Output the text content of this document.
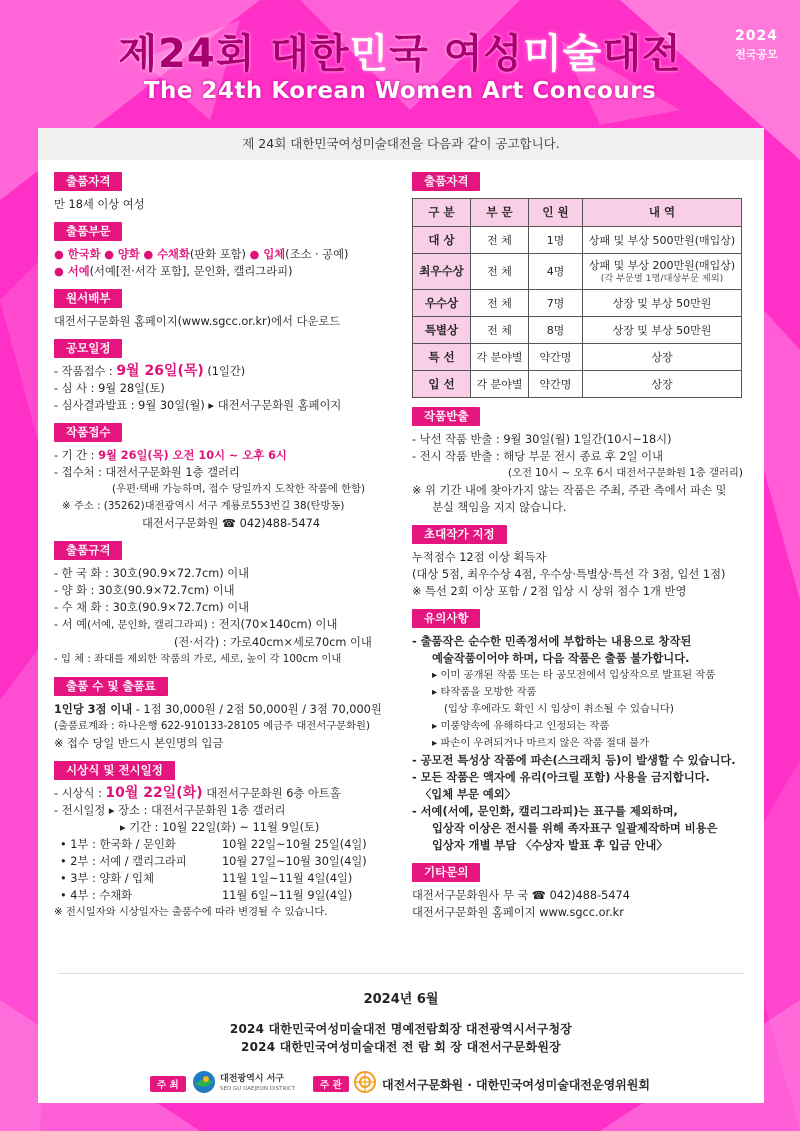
제24회 대한민국 여성미술대전
The 24th Korean Women Art Concours
2024
전국공모
제 24회 대한민국여성미술대전을 다음과 같이 공고합니다.
출품자격
만 18세 이상 여성
출품부문
● 한국화 ● 양화 ● 수채화(판화 포함) ● 입체(조소 · 공예)
● 서예(서예[전·서각 포함], 문인화, 캘리그라피)
원서배부
대전서구문화원 홈페이지(www.sgcc.or.kr)에서 다운로드
공모일정
- 작품접수 : 9월 26일(목) (1일간)
- 심 사 : 9월 28일(토)
- 심사결과발표 : 9월 30일(월) ▸ 대전서구문화원 홈페이지
작품접수
- 기 간 : 9월 26일(목) 오전 10시 ~ 오후 6시
- 접수처 : 대전서구문화원 1층 갤러리
(우편·택배 가능하며, 접수 당일까지 도착한 작품에 한함)
※ 주소 : (35262)대전광역시 서구 계룡로553번길 38(탄방동)
대전서구문화원 ☎ 042)488-5474
출품규격
- 한 국 화 : 30호(90.9×72.7cm) 이내
- 양 화 : 30호(90.9×72.7cm) 이내
- 수 채 화 : 30호(90.9×72.7cm) 이내
- 서 예(서예, 문인화, 캘리그라피) : 전지(70×140cm) 이내
(전·서각) : 가로40cm×세로70cm 이내
- 입 체 : 좌대를 제외한 작품의 가로, 세로, 높이 각 100cm 이내
출품 수 및 출품료
1인당 3점 이내 - 1점 30,000원 / 2점 50,000원 / 3점 70,000원
(출품료계좌 : 하나은행 622-910133-28105 예금주 대전서구문화원)
※ 접수 당일 반드시 본인명의 입금
시상식 및 전시일정
- 시상식 : 10월 22일(화) 대전서구문화원 6층 아트홀
- 전시일정 ▸ 장소 : 대전서구문화원 1층 갤러리
▸ 기간 : 10월 22일(화) ~ 11월 9일(토)
• 1부 : 한국화 / 문인화	10월 22일~10월 25일(4일)
• 2부 : 서예 / 캘리그라피	10월 27일~10월 30일(4일)
• 3부 : 양화 / 입체	11월 1일~11월 4일(4일)
• 4부 : 수채화	11월 6일~11월 9일(4일)
※ 전시일자와 시상일자는 출품수에 따라 변경될 수 있습니다.
출품자격
구 분	부 문	인 원	내 역

대 상	전 체	1명	상패 및 부상 500만원(매입상)

최우수상	전 체	4명	상패 및 부상 200만원(매입상)
(각 부문별 1명/대상부문 제외)

우수상	전 체	7명	상장 및 부상 50만원

특별상	전 체	8명	상장 및 부상 50만원

특 선	각 분야별	약간명	상장

입 선	각 분야별	약간명	상장
작품반출
- 낙선 작품 반출 : 9월 30일(월) 1일간(10시~18시)
- 전시 작품 반출 : 해당 부문 전시 종료 후 2일 이내
(오전 10시 ~ 오후 6시 대전서구문화원 1층 갤러리)
※ 위 기간 내에 찾아가지 않는 작품은 주최, 주관 측에서 파손 및
분실 책임을 지지 않습니다.
초대작가 지정
누적점수 12점 이상 획득자
(대상 5점, 최우수상 4점, 우수상·특별상·특선 각 3점, 입선 1점)
※ 특선 2회 이상 포함 / 2점 입상 시 상위 점수 1개 반영
유의사항
- 출품작은 순수한 민족정서에 부합하는 내용으로 창작된
예술작품이어야 하며, 다음 작품은 출품 불가합니다.
▸ 이미 공개된 작품 또는 타 공모전에서 입상작으로 발표된 작품
▸ 타작품을 모방한 작품
(입상 후에라도 확인 시 입상이 취소될 수 있습니다)
▸ 미풍양속에 유해하다고 인정되는 작품
▸ 파손이 우려되거나 마르지 않은 작품 절대 불가
- 공모전 특성상 작품에 파손(스크래치 등)이 발생할 수 있습니다.
- 모든 작품은 액자에 유리(아크릴 포함) 사용을 금지합니다.
〈입체 부문 예외〉
- 서예(서예, 문인화, 캘리그라피)는 표구를 제외하며,
입상작 이상은 전시를 위해 족자표구 일괄제작하며 비용은
입상자 개별 부담 〈수상자 발표 후 입금 안내〉
기타문의
대전서구문화원사 무 국 ☎ 042)488-5474
대전서구문화원 홈페이지 www.sgcc.or.kr
2024년 6월
2024 대한민국여성미술대전 명예전람회장 대전광역시서구청장
2024 대한민국여성미술대전 전 람 회 장 대전서구문화원장
주 최
대전광역시 서구
SEO GU DAEJEON DISTRICT	주 관	대전서구문화원 · 대한민국여성미술대전운영위원회
